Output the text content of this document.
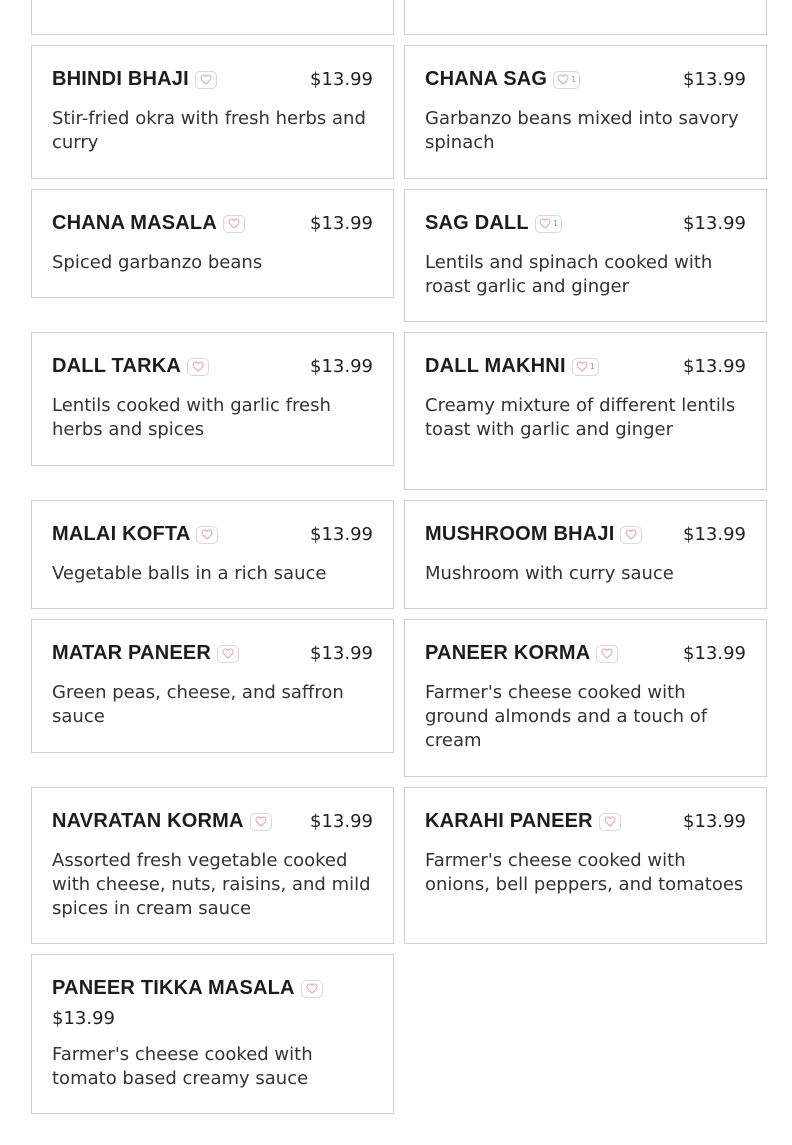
BHINDI BHAJI	$13.99
Stir-fried okra with fresh herbs and curry
CHANA SAG	1	$13.99
Garbanzo beans mixed into savory spinach
CHANA MASALA	$13.99
Spiced garbanzo beans
SAG DALL	1	$13.99
Lentils and spinach cooked with roast garlic and ginger
DALL TARKA	$13.99
Lentils cooked with garlic fresh herbs and spices
DALL MAKHNI	1	$13.99
Creamy mixture of different lentils toast with garlic and ginger
MALAI KOFTA	$13.99
Vegetable balls in a rich sauce
MUSHROOM BHAJI	$13.99
Mushroom with curry sauce
MATAR PANEER	$13.99
Green peas, cheese, and saffron sauce
PANEER KORMA	$13.99
Farmer's cheese cooked with ground almonds and a touch of cream
NAVRATAN KORMA	$13.99
Assorted fresh vegetable cooked with cheese, nuts, raisins, and mild spices in cream sauce
KARAHI PANEER	$13.99
Farmer's cheese cooked with onions, bell peppers, and tomatoes
PANEER TIKKA MASALA
$13.99
Farmer's cheese cooked with tomato based creamy sauce
